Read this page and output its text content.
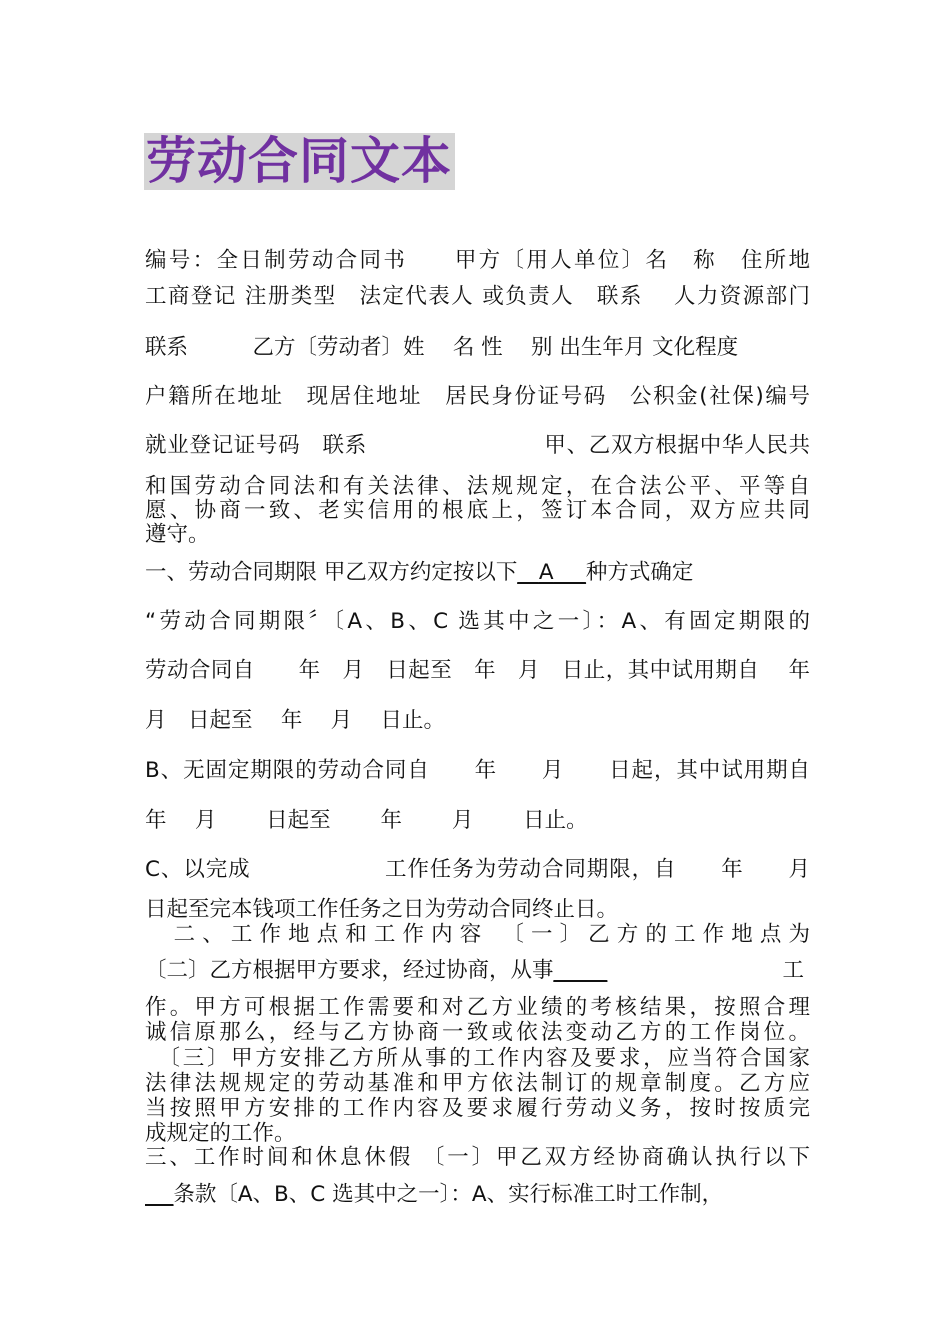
劳动合同文本
编号：全日制劳动合同书　　甲方〔用人单位〕名　称　住所地
工商登记 注册类型　法定代表人 或负责人　联系　 人力资源部门
联系　　　乙方〔劳动者〕姓　 名 性　 别 出生年月 文化程度
户籍所在地址　现居住地址　居民身份证号码　公积金(社保)编号
就业登记证号码　联系　　　　　　　　甲、乙双方根据中华人民共
和国劳动合同法和有关法律、法规规定，在合法公平、平等自
愿、协商一致、老实信用的根底上，签订本合同，双方应共同
遵守。
一、劳动合同期限 甲乙双方约定按以下__A___种方式确定
“劳动合同期限〞〔A、B、C 选其中之一〕：A、有固定期限的
劳动合同自　　年　月　日起至　年　月　日止，其中试用期自　 年
月　日起至　 年　 月　 日止。
B、无固定期限的劳动合同自　　年　　月　　日起，其中试用期自
年　 月　　 日起至　　 年　　 月　　 日止。
C、以完成　　　　　　工作任务为劳动合同期限，自　　年　　月
日起至完本钱项工作任务之日为劳动合同终止日。
　二、工作地点和工作内容 〔一〕乙方的工作地点为
〔二〕乙方根据甲方要求，经过协商，从事_____	工
作。甲方可根据工作需要和对乙方业绩的考核结果，按照合理
诚信原那么，经与乙方协商一致或依法变动乙方的工作岗位。
　〔三〕甲方安排乙方所从事的工作内容及要求，应当符合国家
法律法规规定的劳动基准和甲方依法制订的规章制度。乙方应
当按照甲方安排的工作内容及要求履行劳动义务，按时按质完
成规定的工作。
三、工作时间和休息休假 〔一〕甲乙双方经协商确认执行以下
_ _条款〔A、B、C 选其中之一〕：A、实行标准工时工作制，
